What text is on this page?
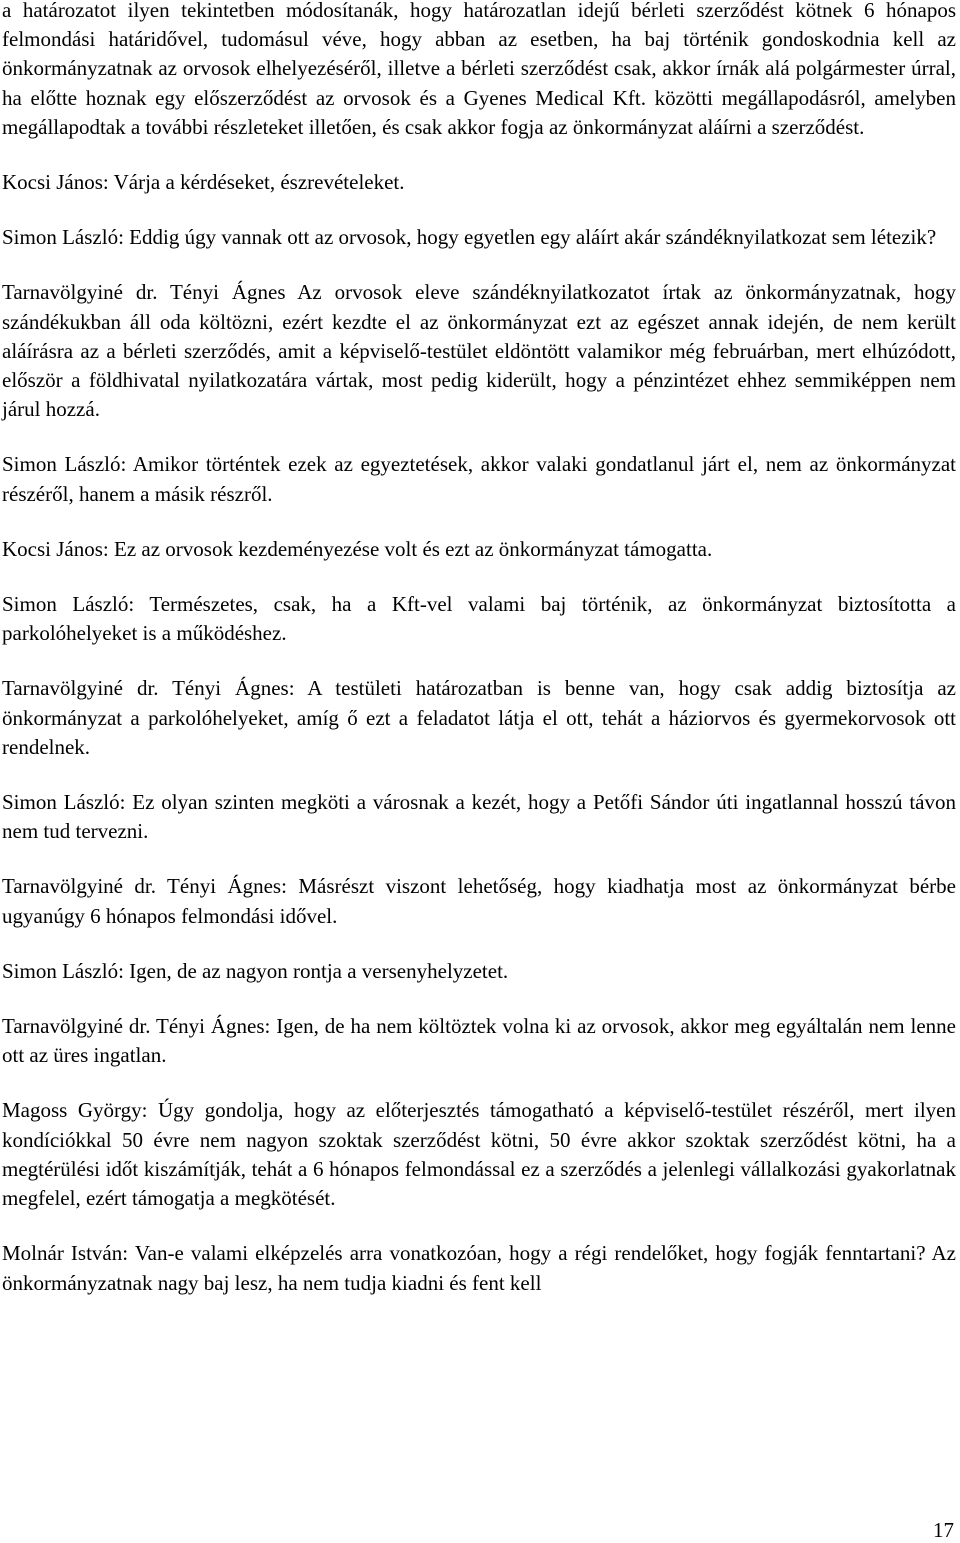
a határozatot ilyen tekintetben módosítanák, hogy határozatlan idejű bérleti szerződést kötnek 6 hónapos felmondási határidővel, tudomásul véve, hogy abban az esetben, ha baj történik gondoskodnia kell az önkormányzatnak az orvosok elhelyezéséről, illetve a bérleti szerződést csak, akkor írnák alá polgármester úrral, ha előtte hoznak egy előszerződést az orvosok és a Gyenes Medical Kft. közötti megállapodásról, amelyben megállapodtak a további részleteket illetően, és csak akkor fogja az önkormányzat aláírni a szerződést.

Kocsi János: Várja a kérdéseket, észrevételeket.

Simon László: Eddig úgy vannak ott az orvosok, hogy egyetlen egy aláírt akár szándéknyilatkozat sem létezik?

Tarnavölgyiné dr. Tényi Ágnes Az orvosok eleve szándéknyilatkozatot írtak az önkormányzatnak, hogy szándékukban áll oda költözni, ezért kezdte el az önkormányzat ezt az egészet annak idején, de nem került aláírásra az a bérleti szerződés, amit a képviselő-testület eldöntött valamikor még februárban, mert elhúzódott, először a földhivatal nyilatkozatára vártak, most pedig kiderült, hogy a pénzintézet ehhez semmiképpen nem járul hozzá.

Simon László: Amikor történtek ezek az egyeztetések, akkor valaki gondatlanul járt el, nem az önkormányzat részéről, hanem a másik részről.

Kocsi János: Ez az orvosok kezdeményezése volt és ezt az önkormányzat támogatta.

Simon László: Természetes, csak, ha a Kft-vel valami baj történik, az önkormányzat biztosította a parkolóhelyeket is a működéshez.

Tarnavölgyiné dr. Tényi Ágnes: A testületi határozatban is benne van, hogy csak addig biztosítja az önkormányzat a parkolóhelyeket, amíg ő ezt a feladatot látja el ott, tehát a háziorvos és gyermekorvosok ott rendelnek.

Simon László: Ez olyan szinten megköti a városnak a kezét, hogy a Petőfi Sándor úti ingatlannal hosszú távon nem tud tervezni.

Tarnavölgyiné dr. Tényi Ágnes: Másrészt viszont lehetőség, hogy kiadhatja most az önkormányzat bérbe ugyanúgy 6 hónapos felmondási idővel.

Simon László: Igen, de az nagyon rontja a versenyhelyzetet.

Tarnavölgyiné dr. Tényi Ágnes: Igen, de ha nem költöztek volna ki az orvosok, akkor meg egyáltalán nem lenne ott az üres ingatlan.

Magoss György: Úgy gondolja, hogy az előterjesztés támogatható a képviselő-testület részéről, mert ilyen kondíciókkal 50 évre nem nagyon szoktak szerződést kötni, 50 évre akkor szoktak szerződést kötni, ha a megtérülési időt kiszámítják, tehát a 6 hónapos felmondással ez a szerződés a jelenlegi vállalkozási gyakorlatnak megfelel, ezért támogatja a megkötését.

Molnár István: Van-e valami elképzelés arra vonatkozóan, hogy a régi rendelőket, hogy fogják fenntartani? Az önkormányzatnak nagy baj lesz, ha nem tudja kiadni és fent kell

17
